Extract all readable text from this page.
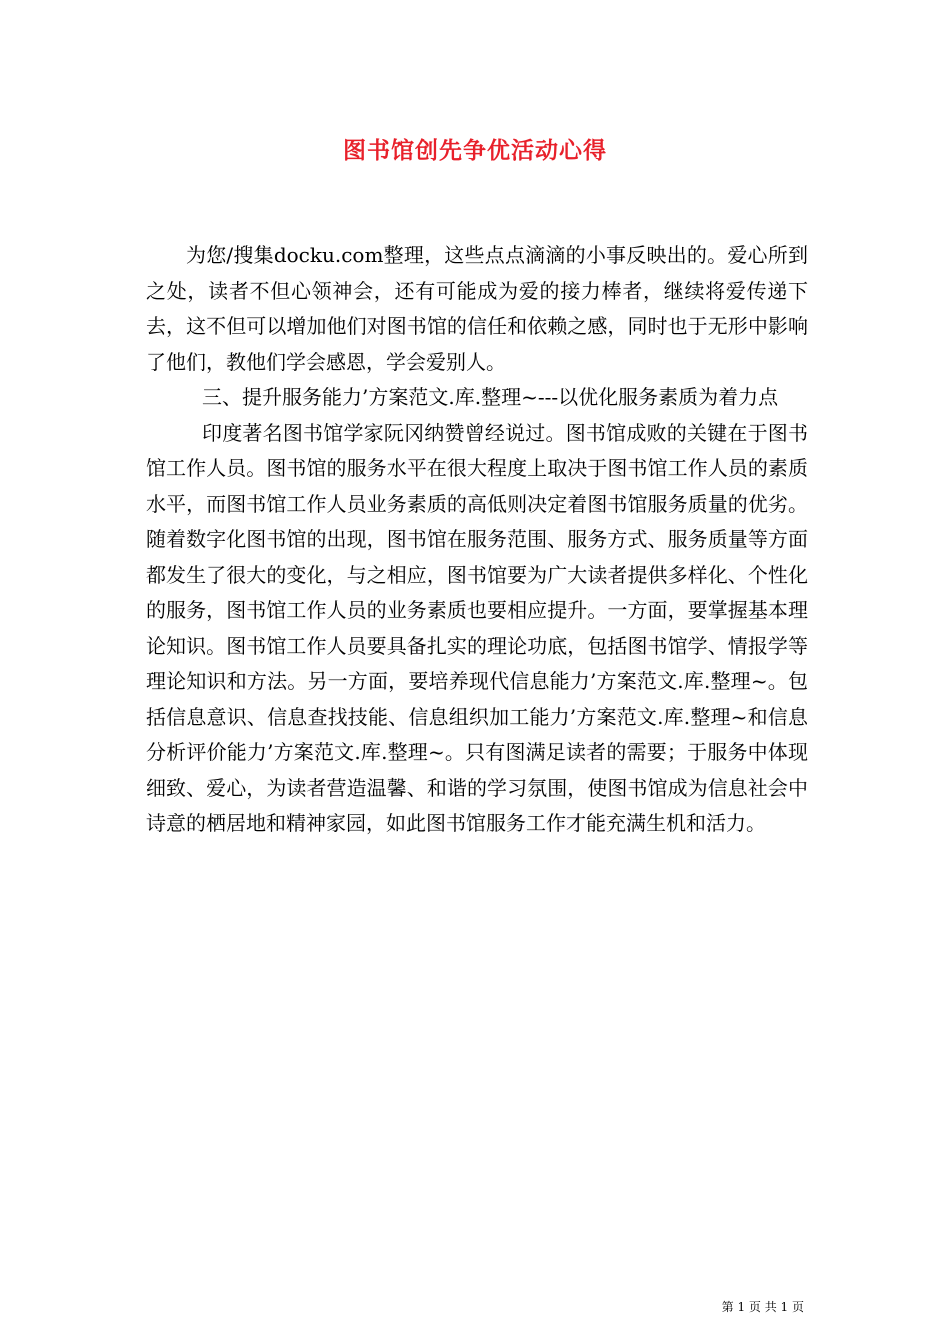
图书馆创先争优活动心得

为您/搜集docku.com整理，这些点点滴滴的小事反映出的。爱心所到之处，读者不但心领神会，还有可能成为爱的接力棒者，继续将爱传递下去，这不但可以增加他们对图书馆的信任和依赖之感，同时也于无形中影响了他们，教他们学会感恩，学会爱别人。

三、提升服务能力’方案范文.库.整理~---以优化服务素质为着力点

印度著名图书馆学家阮冈纳赞曾经说过。图书馆成败的关键在于图书馆工作人员。图书馆的服务水平在很大程度上取决于图书馆工作人员的素质水平，而图书馆工作人员业务素质的高低则决定着图书馆服务质量的优劣。随着数字化图书馆的出现，图书馆在服务范围、服务方式、服务质量等方面都发生了很大的变化，与之相应，图书馆要为广大读者提供多样化、个性化的服务，图书馆工作人员的业务素质也要相应提升。一方面，要掌握基本理论知识。图书馆工作人员要具备扎实的理论功底，包括图书馆学、情报学等理论知识和方法。另一方面，要培养现代信息能力’方案范文.库.整理~。包括信息意识、信息查找技能、信息组织加工能力’方案范文.库.整理~和信息分析评价能力’方案范文.库.整理~。只有图满足读者的需要；于服务中体现细致、爱心，为读者营造温馨、和谐的学习氛围，使图书馆成为信息社会中诗意的栖居地和精神家园，如此图书馆服务工作才能充满生机和活力。

第 1 页 共 1 页
